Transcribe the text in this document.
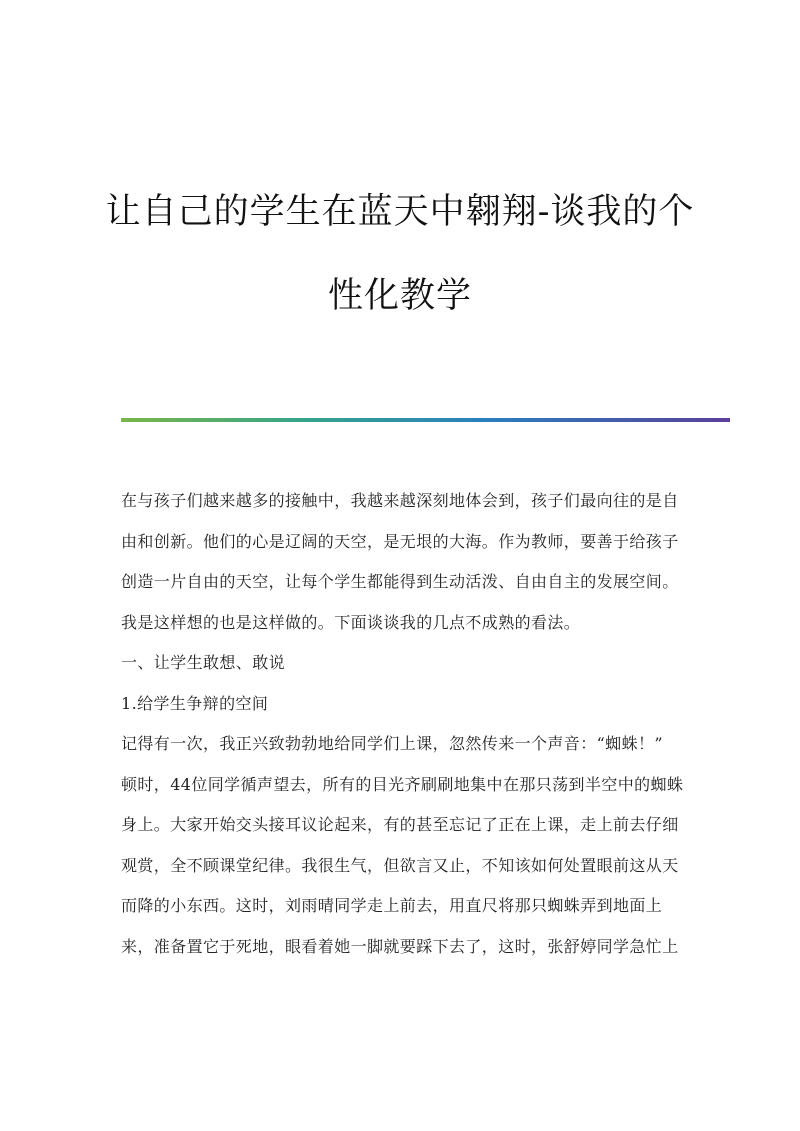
让自己的学生在蓝天中翱翔-谈我的个
性化教学
在与孩子们越来越多的接触中，我越来越深刻地体会到，孩子们最向往的是自
由和创新。他们的心是辽阔的天空，是无垠的大海。作为教师，要善于给孩子
创造一片自由的天空，让每个学生都能得到生动活泼、自由自主的发展空间。
我是这样想的也是这样做的。下面谈谈我的几点不成熟的看法。
一、让学生敢想、敢说
1.给学生争辩的空间
记得有一次，我正兴致勃勃地给同学们上课，忽然传来一个声音：“蜘蛛！”
顿时，44位同学循声望去，所有的目光齐刷刷地集中在那只荡到半空中的蜘蛛
身上。大家开始交头接耳议论起来，有的甚至忘记了正在上课，走上前去仔细
观赏，全不顾课堂纪律。我很生气，但欲言又止，不知该如何处置眼前这从天
而降的小东西。这时，刘雨晴同学走上前去，用直尺将那只蜘蛛弄到地面上
来，准备置它于死地，眼看着她一脚就要踩下去了，这时，张舒婷同学急忙上
